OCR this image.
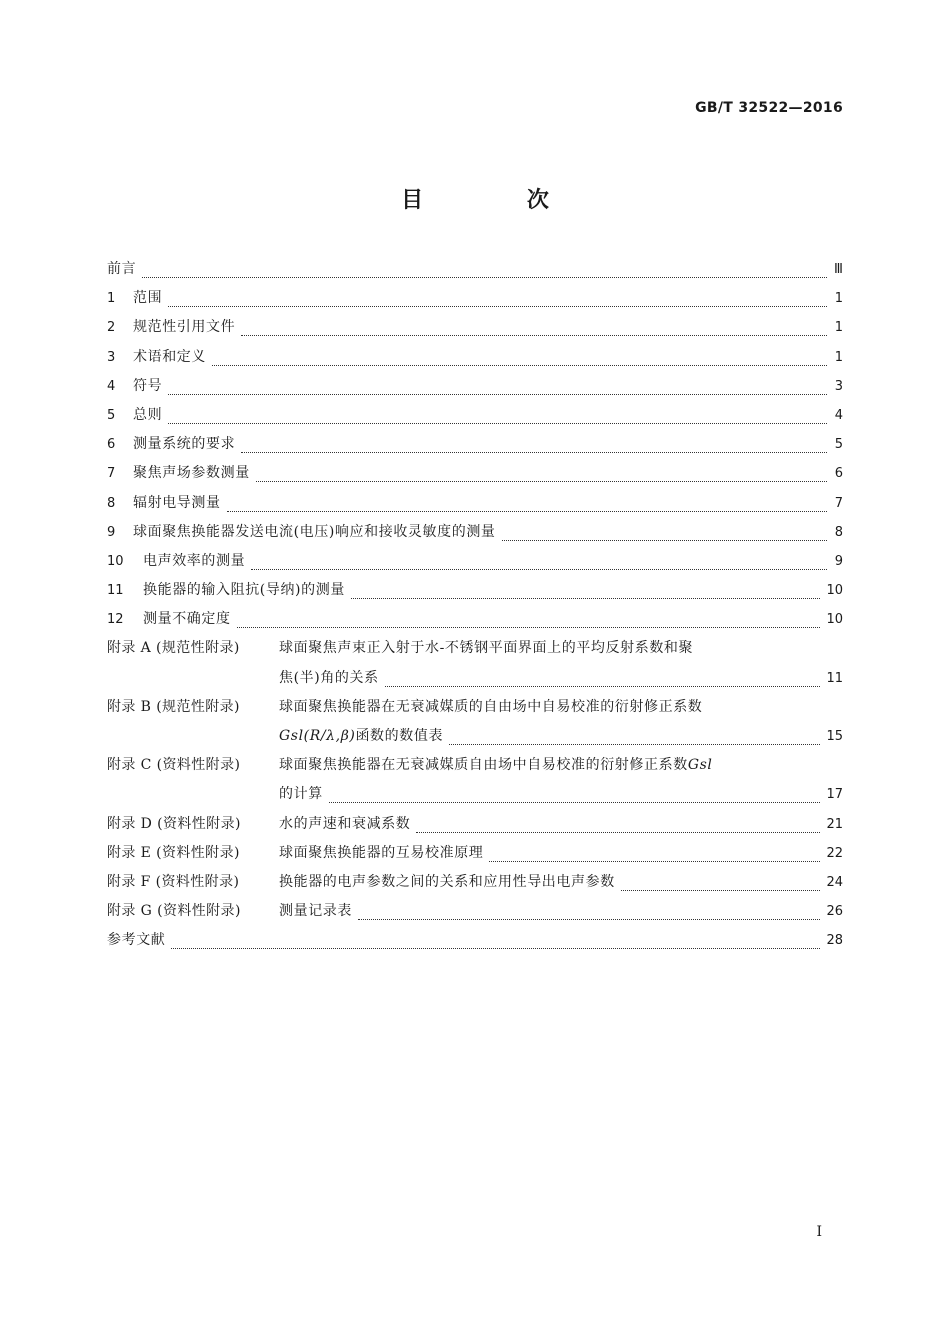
GB/T 32522—2016
目 次
前言	Ⅲ
1	范围	1
2	规范性引用文件	1
3	术语和定义	1
4	符号	3
5	总则	4
6	测量系统的要求	5
7	聚焦声场参数测量	6
8	辐射电导测量	7
9	球面聚焦换能器发送电流(电压)响应和接收灵敏度的测量	8
10	电声效率的测量	9
11	换能器的输入阻抗(导纳)的测量	10
12	测量不确定度	10
附录 A (规范性附录)	球面聚焦声束正入射于水-不锈钢平面界面上的平均反射系数和聚
焦(半)角的关系	11
附录 B (规范性附录)	球面聚焦换能器在无衰减媒质的自由场中自易校准的衍射修正系数
Gsl(R/λ,β) 函数的数值表	15
附录 C (资料性附录)	球面聚焦换能器在无衰减媒质自由场中自易校准的衍射修正系数 Gsl
的计算	17
附录 D (资料性附录)	水的声速和衰减系数	21
附录 E (资料性附录)	球面聚焦换能器的互易校准原理	22
附录 F (资料性附录)	换能器的电声参数之间的关系和应用性导出电声参数	24
附录 G (资料性附录)	测量记录表	26
参考文献	28
I
